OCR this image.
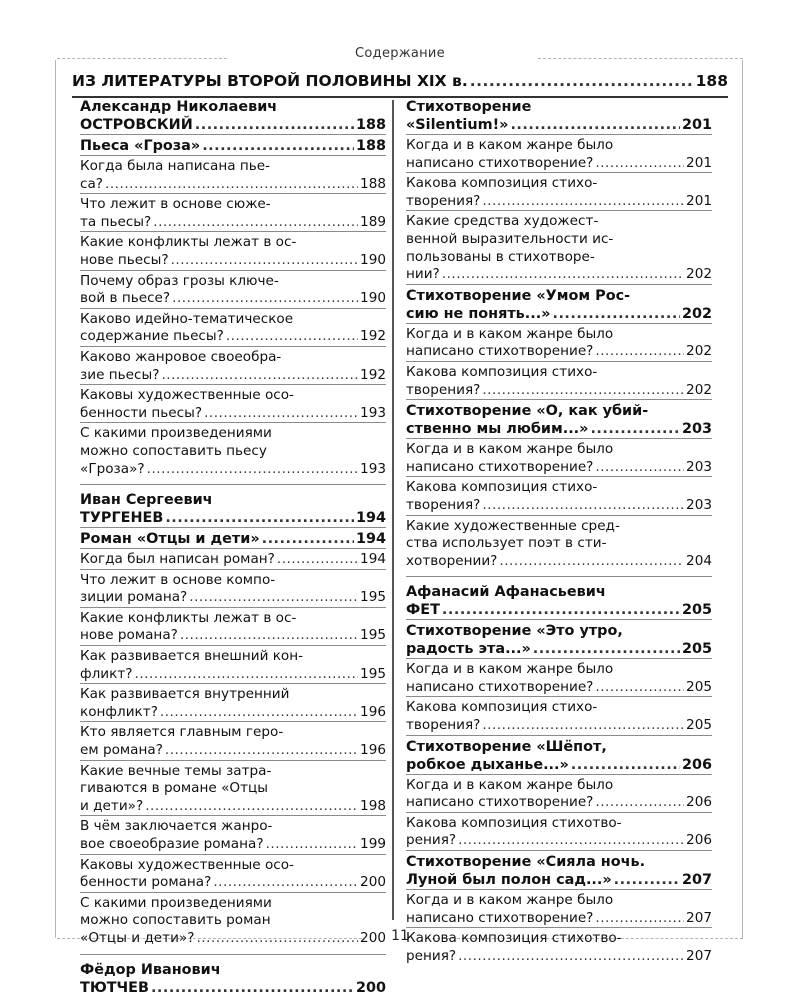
Содержание
ИЗ ЛИТЕРАТУРЫ ВТОРОЙ ПОЛОВИНЫ XIX в. .....	188
Александр Николаевич
ОСТРОВСКИЙ .....	188
Пьеса «Гроза» .....	188
Когда была написана пье-
са? .....	188
Что лежит в основе сюже-
та пьесы? .....	189
Какие конфликты лежат в ос-
нове пьесы? .....	190
Почему образ грозы ключе-
вой в пьесе? .....	190
Каково идейно-тематическое
содержание пьесы? .....	192
Каково жанровое своеобра-
зие пьесы? .....	192
Каковы художественные осо-
бенности пьесы? .....	193
С какими произведениями
можно сопоставить пьесу
«Гроза»? .....	193
Иван Сергеевич
ТУРГЕНЕВ .....	194
Роман «Отцы и дети» .....	194
Когда был написан роман? .....	194
Что лежит в основе компо-
зиции романа? .....	195
Какие конфликты лежат в ос-
нове романа? .....	195
Как развивается внешний кон-
фликт? .....	195
Как развивается внутренний
конфликт? .....	196
Кто является главным геро-
ем романа? .....	196
Какие вечные темы затра-
гиваются в романе «Отцы
и дети»? .....	198
В чём заключается жанро-
вое своеобразие романа? .....	199
Каковы художественные осо-
бенности романа? .....	200
С какими произведениями
можно сопоставить роман
«Отцы и дети»? .....	200
Фёдор Иванович
ТЮТЧЕВ .....	200
Стихотворение
«Silentium!» .....	201
Когда и в каком жанре было
написано стихотворение? .....	201
Какова композиция стихо-
творения? .....	201
Какие средства художест-
венной выразительности ис-
пользованы в стихотворе-
нии? .....	202
Стихотворение «Умом Рос-
сию не понять...» .....	202
Когда и в каком жанре было
написано стихотворение? .....	202
Какова композиция стихо-
творения? .....	202
Стихотворение «О, как убий-
ственно мы любим...» .....	203
Когда и в каком жанре было
написано стихотворение? .....	203
Какова композиция стихо-
творения? .....	203
Какие художественные сред-
ства использует поэт в сти-
хотворении? .....	204
Афанасий Афанасьевич
ФЕТ .....	205
Стихотворение «Это утро,
радость эта...» .....	205
Когда и в каком жанре было
написано стихотворение? .....	205
Какова композиция стихо-
творения? .....	205
Стихотворение «Шёпот,
робкое дыханье...» .....	206
Когда и в каком жанре было
написано стихотворение? .....	206
Какова композиция стихотво-
рения? .....	206
Стихотворение «Сияла ночь.
Луной был полон сад...» .....	207
Когда и в каком жанре было
написано стихотворение? .....	207
Какова композиция стихотво-
рения? .....	207
11
